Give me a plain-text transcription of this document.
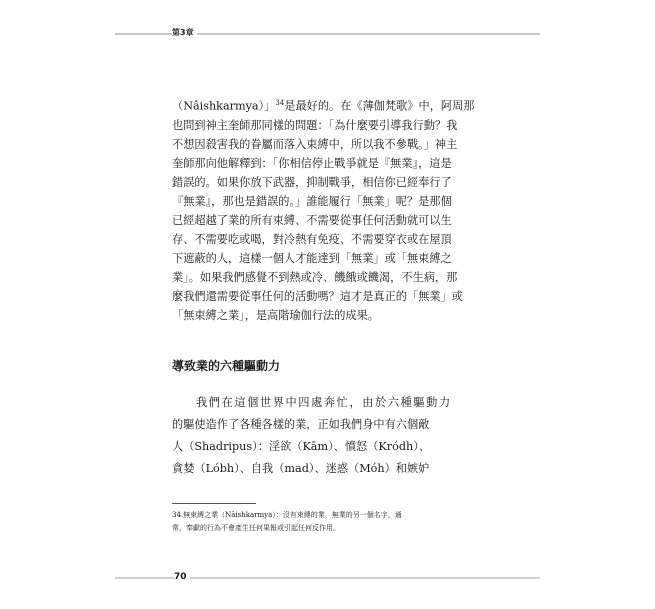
第3章

（Nâishkarmya）」$^{34}$是最好的。在《薄伽梵歌》中，阿周那
也問到神主奎師那同樣的問題：「為什麼要引導我行動？我
不想因殺害我的眷屬而落入束縛中，所以我不參戰。」神主
奎師那向他解釋到：「你相信停止戰爭就是『無業』，這是
錯誤的。如果你放下武器，抑制戰爭，相信你已經奉行了
『無業』，那也是錯誤的。」誰能履行「無業」呢？是那個
已經超越了業的所有束縛、不需要從事任何活動就可以生
存、不需要吃或喝，對冷熱有免疫、不需要穿衣或在屋頂
下遮蔽的人，這樣一個人才能達到「無業」或「無束縛之
業」。如果我們感覺不到熱或冷、饑餓或饑渴，不生病，那
麼我們還需要從事任何的活動嗎？這才是真正的「無業」或
「無束縛之業」，是高階瑜伽行法的成果。

導致業的六種驅動力

我們在這個世界中四處奔忙，由於六種驅動力
的驅使造作了各種各樣的業，正如我們身中有六個敵
人（Shadripus）：淫欲（Kām）、憤怒（Kródh）、
貪婪（Lóbh）、自我（mad）、迷惑（Móh）和嫉妒

34.無束縛之業（Nâishkarmya）：沒有束縛的業，無業的另一個名字，通
常，奉獻的行為不會產生任何果報或引起任何反作用。

70
